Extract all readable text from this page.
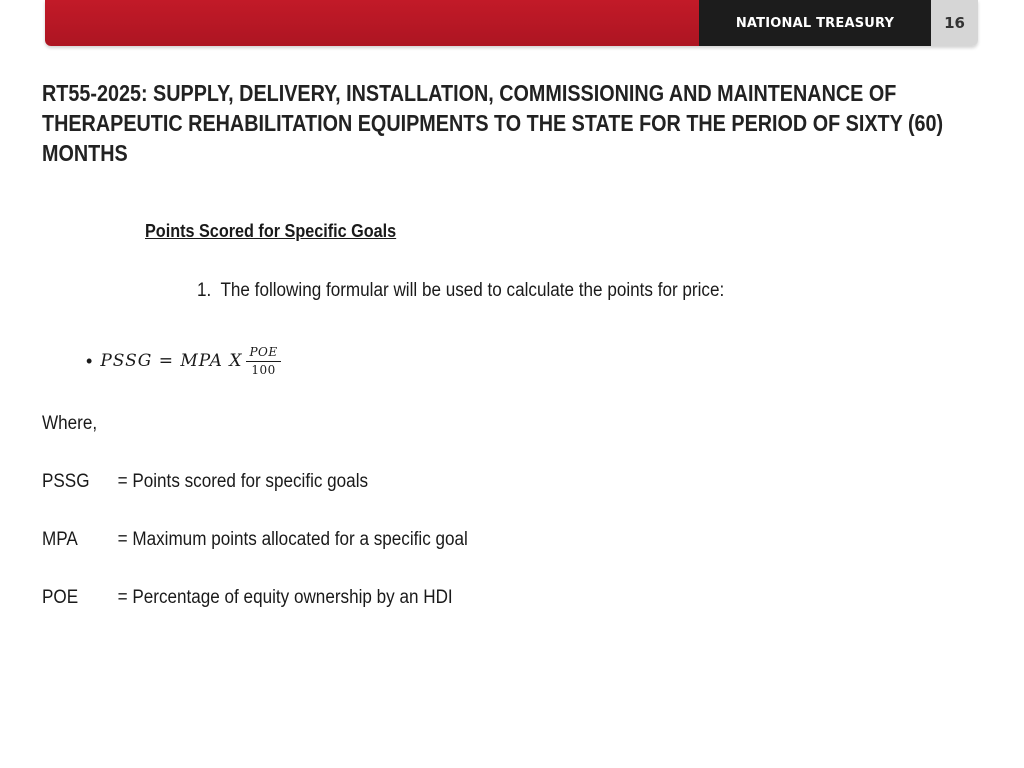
NATIONAL TREASURY	16
RT55-2025: SUPPLY, DELIVERY, INSTALLATION, COMMISSIONING AND MAINTENANCE OF THERAPEUTIC REHABILITATION EQUIPMENTS TO THE STATE FOR THE PERIOD OF SIXTY (60) MONTHS
Points Scored for Specific Goals
1. The following formular will be used to calculate the points for price:
• PSSG = MPA X $\frac{\text{POE}}{100}$
Where,
PSSG	= Points scored for specific goals
MPA	= Maximum points allocated for a specific goal
POE	= Percentage of equity ownership by an HDI
